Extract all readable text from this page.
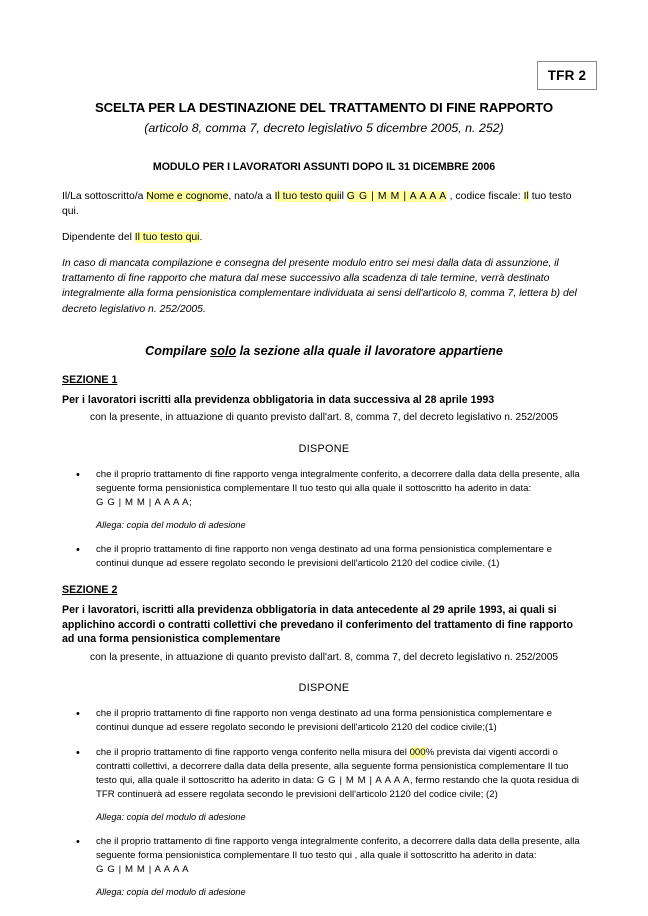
TFR 2
SCELTA PER LA DESTINAZIONE DEL TRATTAMENTO DI FINE RAPPORTO
(articolo 8, comma 7, decreto legislativo 5 dicembre 2005, n. 252)
MODULO PER I LAVORATORI ASSUNTI DOPO IL 31 DICEMBRE 2006

Il/La sottoscritto/a Nome e cognome, nato/a a Il tuo testo quiil G G | M M | A A A A , codice fiscale: Il tuo testo qui.

Dipendente del Il tuo testo qui.

In caso di mancata compilazione e consegna del presente modulo entro sei mesi dalla data di assunzione, il trattamento di fine rapporto che matura dal mese successivo alla scadenza di tale termine, verrà destinato integralmente alla forma pensionistica complementare individuata ai sensi dell'articolo 8, comma 7, lettera b) del decreto legislativo n. 252/2005.

Compilare solo la sezione alla quale il lavoratore appartiene
SEZIONE 1
Per i lavoratori iscritti alla previdenza obbligatoria in data successiva al 28 aprile 1993
con la presente, in attuazione di quanto previsto dall'art. 8, comma 7, del decreto legislativo n. 252/2005
DISPONE
• che il proprio trattamento di fine rapporto venga integralmente conferito, a decorrere dalla data della presente, alla seguente forma pensionistica complementare Il tuo testo qui alla quale il sottoscritto ha aderito in data:
G G | M M | A A A A;
Allega: copia del modulo di adesione
• che il proprio trattamento di fine rapporto non venga destinato ad una forma pensionistica complementare e continui dunque ad essere regolato secondo le previsioni dell'articolo 2120 del codice civile. (1)
SEZIONE 2
Per i lavoratori, iscritti alla previdenza obbligatoria in data antecedente al 29 aprile 1993, ai quali si applichino accordi o contratti collettivi che prevedano il conferimento del trattamento di fine rapporto ad una forma pensionistica complementare
con la presente, in attuazione di quanto previsto dall'art. 8, comma 7, del decreto legislativo n. 252/2005
DISPONE
• che il proprio trattamento di fine rapporto non venga destinato ad una forma pensionistica complementare e continui dunque ad essere regolato secondo le previsioni dell'articolo 2120 del codice civile;(1)
• che il proprio trattamento di fine rapporto venga conferito nella misura del 000% prevista dai vigenti accordi o contratti collettivi, a decorrere dalla data della presente, alla seguente forma pensionistica complementare Il tuo testo qui, alla quale il sottoscritto ha aderito in data: G G | M M | A A A A, fermo restando che la quota residua di TFR continuerà ad essere regolata secondo le previsioni dell'articolo 2120 del codice civile; (2)
Allega: copia del modulo di adesione
• che il proprio trattamento di fine rapporto venga integralmente conferito, a decorrere dalla data della presente, alla seguente forma pensionistica complementare Il tuo testo qui , alla quale il sottoscritto ha aderito in data:
G G | M M | A A A A
Allega: copia del modulo di adesione
